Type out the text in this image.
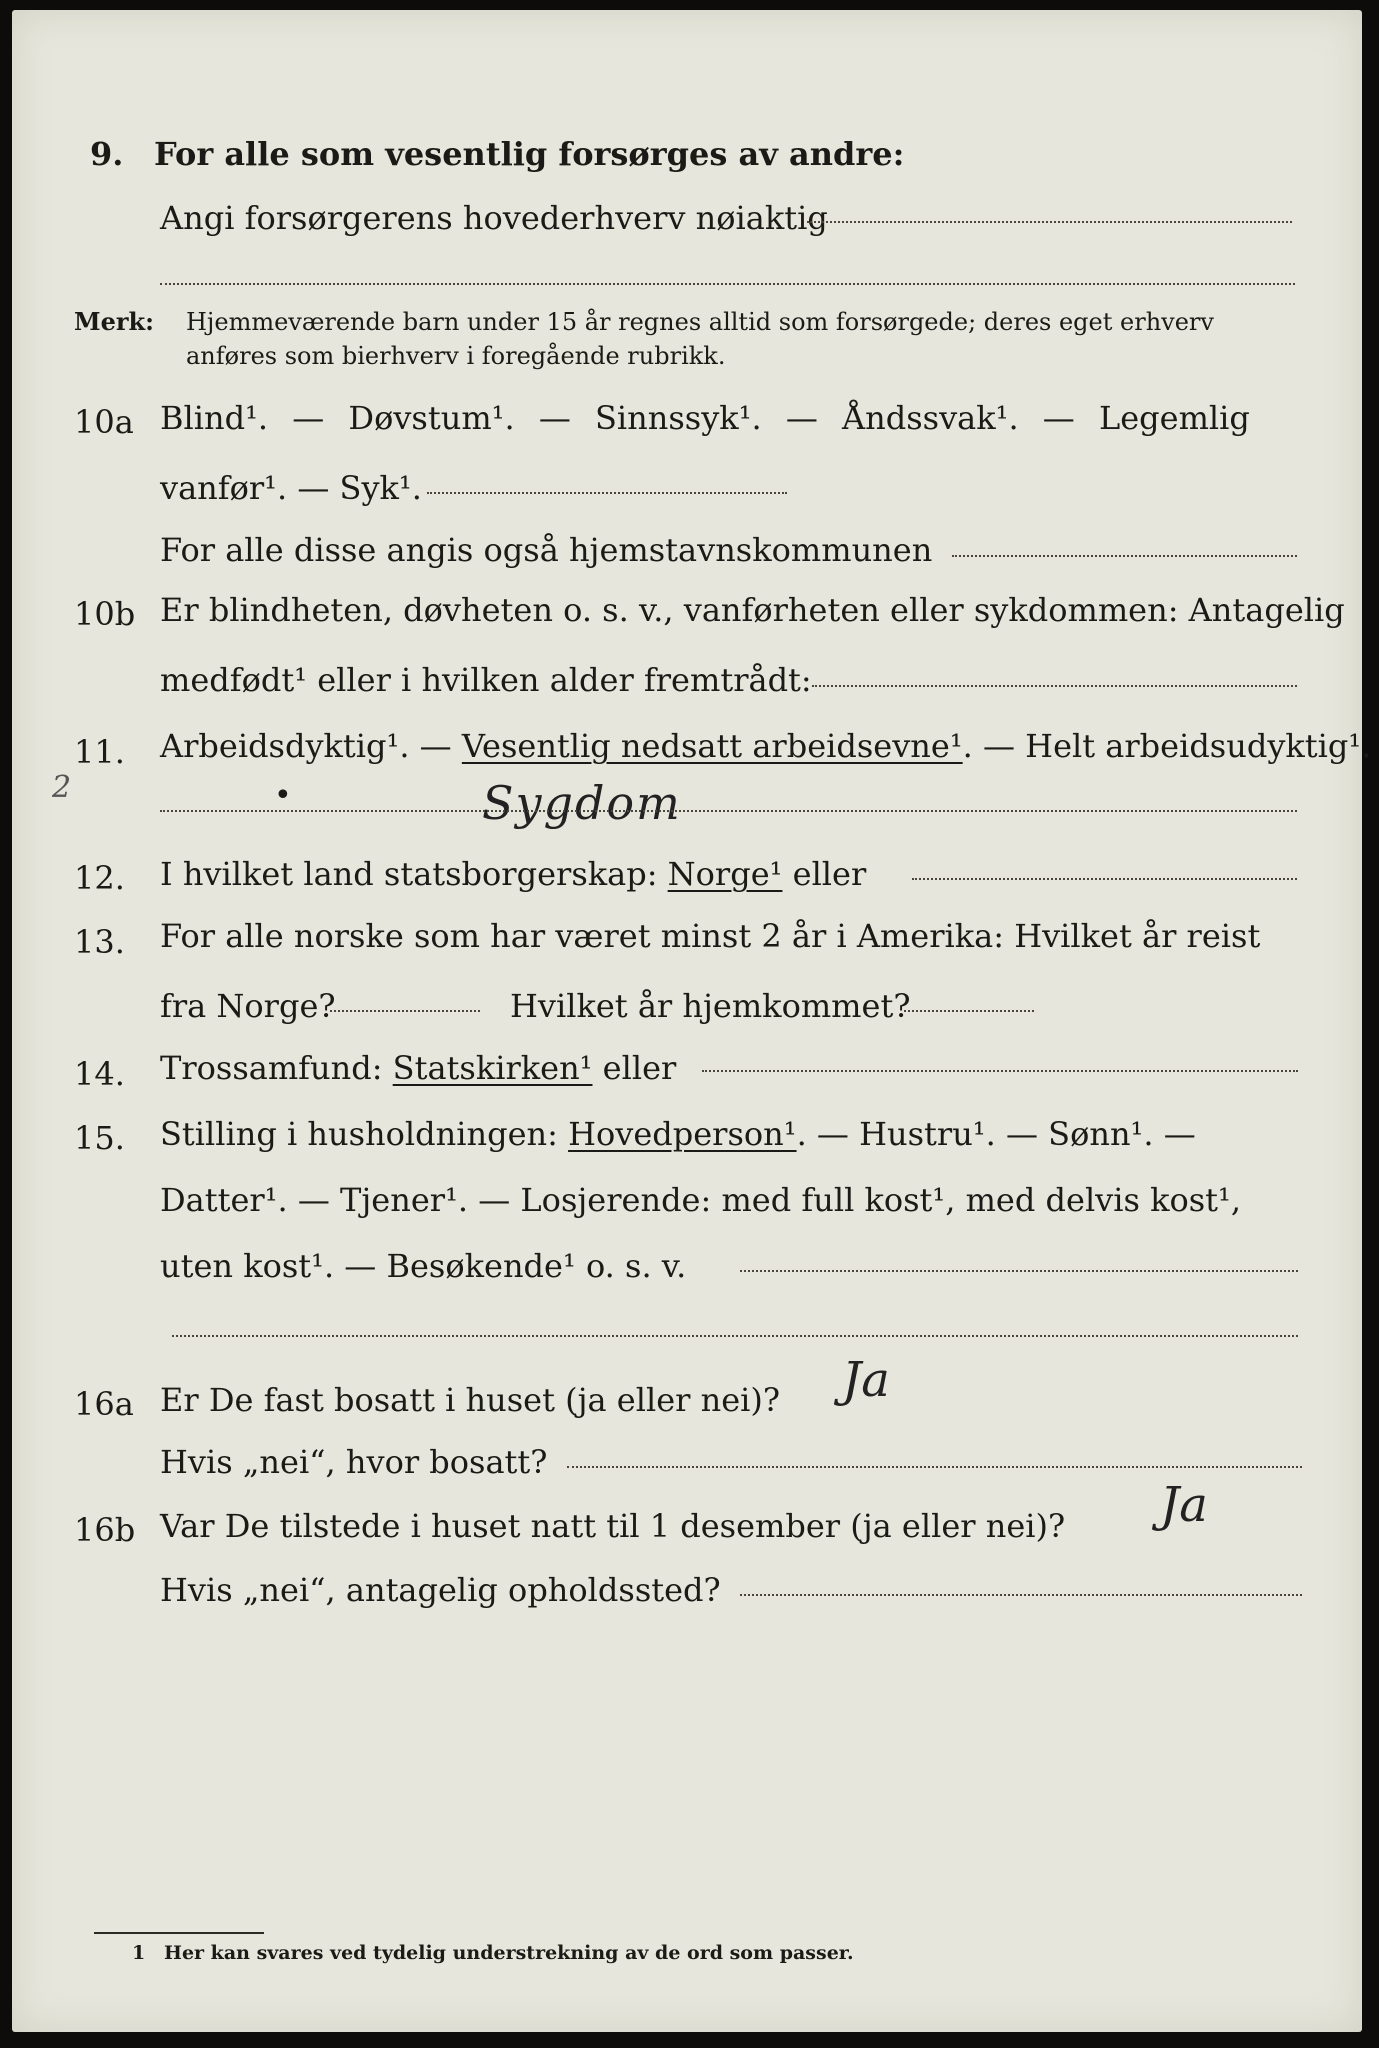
9. For alle som vesentlig forsørges av andre:
Angi forsørgerens hovederhverv nøiaktig
Merk: Hjemmeværende barn under 15 år regnes alltid som forsørgede; deres eget erhverv
anføres som bierhverv i foregående rubrikk.
10a Blind¹. — Døvstum¹. — Sinnssyk¹. — Åndssvak¹. — Legemlig
vanfør¹. — Syk¹.
For alle disse angis også hjemstavnskommunen
10b Er blindheten, døvheten o. s. v., vanførheten eller sykdommen: Antagelig
medfødt¹ eller i hvilken alder fremtrådt:
11. Arbeidsdyktig¹. — Vesentlig nedsatt arbeidsevne¹. — Helt arbeidsudyktig¹.
Sygdom
2	•
12. I hvilket land statsborgerskap: Norge¹ eller
13. For alle norske som har været minst 2 år i Amerika: Hvilket år reist
fra Norge?	Hvilket år hjemkommet?
14. Trossamfund: Statskirken¹ eller
15. Stilling i husholdningen: Hovedperson¹. — Hustru¹. — Sønn¹. —
Datter¹. — Tjener¹. — Losjerende: med full kost¹, med delvis kost¹,
uten kost¹. — Besøkende¹ o. s. v.
16a Er De fast bosatt i huset (ja eller nei)? Ja
Hvis „nei“, hvor bosatt?
16b Var De tilstede i huset natt til 1 desember (ja eller nei)? Ja
Hvis „nei“, antagelig opholdssted?
1 Her kan svares ved tydelig understrekning av de ord som passer.
